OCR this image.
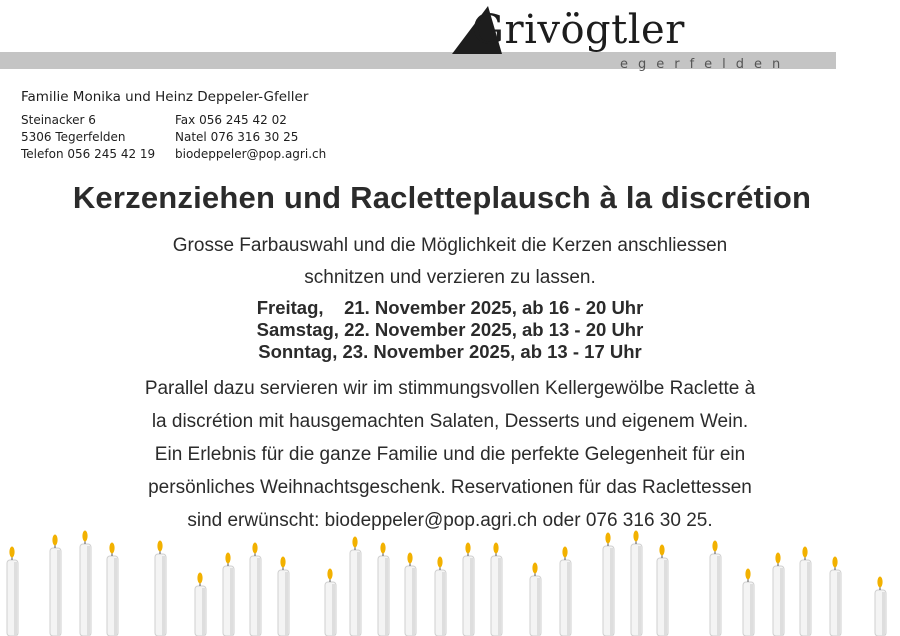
Grivögtler
egerfelden
Familie Monika und Heinz Deppeler-Gfeller
Steinacker 6
5306 Tegerfelden
Telefon 056 245 42 19
Fax 056 245 42 02
Natel 076 316 30 25
biodeppeler@pop.agri.ch
Kerzenziehen und Racletteplausch à la discrétion
Grosse Farbauswahl und die Möglichkeit die Kerzen anschliessen
schnitzen und verzieren zu lassen.
Freitag,    21. November 2025, ab 16 - 20 Uhr
Samstag, 22. November 2025, ab 13 - 20 Uhr
Sonntag, 23. November 2025, ab 13 - 17 Uhr
Parallel dazu servieren wir im stimmungsvollen Kellergewölbe Raclette à
la discrétion mit hausgemachten Salaten, Desserts und eigenem Wein.
Ein Erlebnis für die ganze Familie und die perfekte Gelegenheit für ein
persönliches Weihnachtsgeschenk. Reservationen für das Raclettessen
sind erwünscht: biodeppeler@pop.agri.ch oder 076 316 30 25.
